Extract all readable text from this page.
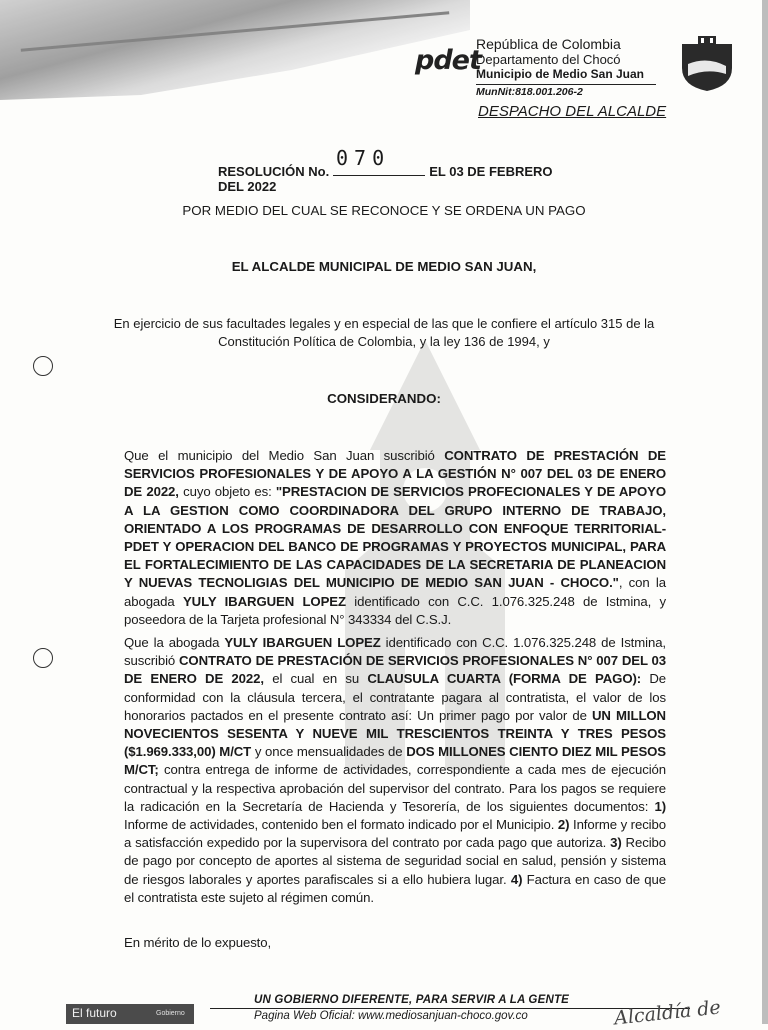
pdet
República de Colombia
Departamento del Chocó
Municipio de Medio San Juan
MunNit:818.001.206-2
DESPACHO DEL ALCALDE
070
RESOLUCIÓN No.	EL 03 DE FEBRERO DEL 2022
POR MEDIO DEL CUAL SE RECONOCE Y SE ORDENA UN PAGO
EL ALCALDE MUNICIPAL DE MEDIO SAN JUAN,
En ejercicio de sus facultades legales y en especial de las que le confiere el artículo 315 de la
Constitución Política de Colombia, y la ley 136 de 1994, y
CONSIDERANDO:
Que el municipio del Medio San Juan suscribió CONTRATO DE PRESTACIÓN DE SERVICIOS PROFESIONALES Y DE APOYO A LA GESTIÓN N° 007 DEL 03 DE ENERO DE 2022, cuyo objeto es: "PRESTACION DE SERVICIOS PROFECIONALES Y DE APOYO A LA GESTION COMO COORDINADORA DEL GRUPO INTERNO DE TRABAJO, ORIENTADO A LOS PROGRAMAS DE DESARROLLO CON ENFOQUE TERRITORIAL-PDET Y OPERACION DEL BANCO DE PROGRAMAS Y PROYECTOS MUNICIPAL, PARA EL FORTALECIMIENTO DE LAS CAPACIDADES DE LA SECRETARIA DE PLANEACION Y NUEVAS TECNOLIGIAS DEL MUNICIPIO DE MEDIO SAN JUAN - CHOCO.", con la abogada YULY IBARGUEN LOPEZ identificado con C.C. 1.076.325.248 de Istmina, y poseedora de la Tarjeta profesional N° 343334 del C.S.J.
Que la abogada YULY IBARGUEN LOPEZ identificado con C.C. 1.076.325.248 de Istmina, suscribió CONTRATO DE PRESTACIÓN DE SERVICIOS PROFESIONALES N° 007 DEL 03 DE ENERO DE 2022, el cual en su CLAUSULA CUARTA (FORMA DE PAGO): De conformidad con la cláusula tercera, el contratante pagara al contratista, el valor de los honorarios pactados en el presente contrato así: Un primer pago por valor de UN MILLON NOVECIENTOS SESENTA Y NUEVE MIL TRESCIENTOS TREINTA Y TRES PESOS ($1.969.333,00) M/CT y once mensualidades de DOS MILLONES CIENTO DIEZ MIL PESOS M/CT; contra entrega de informe de actividades, correspondiente a cada mes de ejecución contractual y la respectiva aprobación del supervisor del contrato. Para los pagos se requiere la radicación en la Secretaría de Hacienda y Tesorería, de los siguientes documentos: 1) Informe de actividades, contenido ben el formato indicado por el Municipio. 2) Informe y recibo a satisfacción expedido por la supervisora del contrato por cada pago que autoriza. 3) Recibo de pago por concepto de aportes al sistema de seguridad social en salud, pensión y sistema de riesgos laborales y aportes parafiscales si a ello hubiera lugar. 4) Factura en caso de que el contratista este sujeto al régimen común.
En mérito de lo expuesto,
El futuro	Gobierno
UN GOBIERNO DIFERENTE, PARA SERVIR A LA GENTE
Pagina Web Oficial: www.mediosanjuan-choco.gov.co	Alcaldía de
